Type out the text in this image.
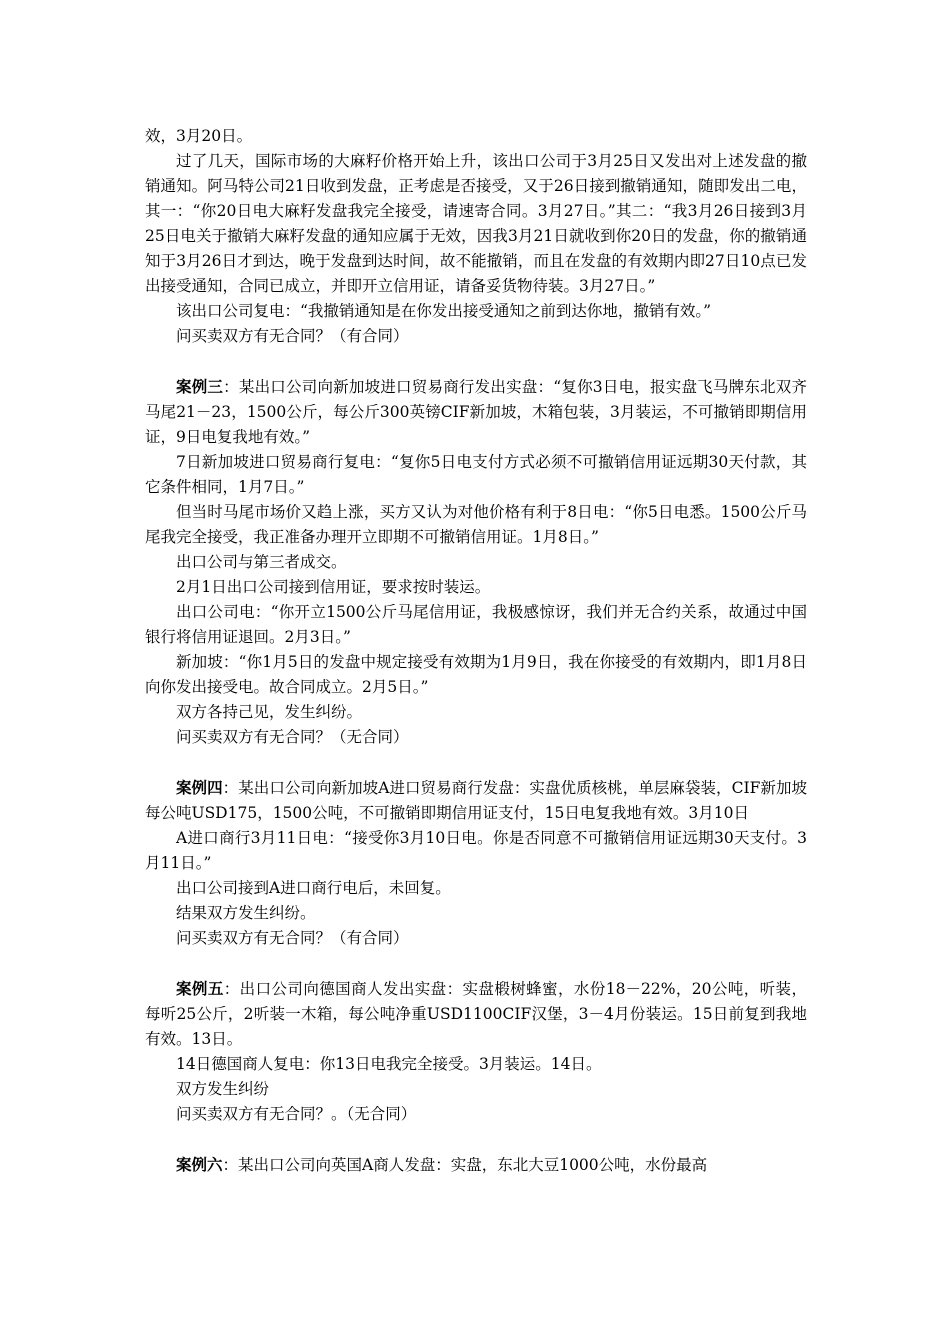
效，3月20日。

过了几天，国际市场的大麻籽价格开始上升，该出口公司于3月25日又发出对上述发盘的撤销通知。阿马特公司21日收到发盘，正考虑是否接受，又于26日接到撤销通知，随即发出二电，其一：“你20日电大麻籽发盘我完全接受，请速寄合同。3月27日。”其二：“我3月26日接到3月25日电关于撤销大麻籽发盘的通知应属于无效，因我3月21日就收到你20日的发盘，你的撤销通知于3月26日才到达，晚于发盘到达时间，故不能撤销，而且在发盘的有效期内即27日10点已发出接受通知，合同已成立，并即开立信用证，请备妥货物待装。3月27日。”

该出口公司复电：“我撤销通知是在你发出接受通知之前到达你地，撤销有效。”

问买卖双方有无合同？（有合同）

案例三：某出口公司向新加坡进口贸易商行发出实盘：“复你3日电，报实盘飞马牌东北双齐马尾21－23，1500公斤，每公斤300英镑CIF新加坡，木箱包装，3月装运，不可撤销即期信用证，9日电复我地有效。”

7日新加坡进口贸易商行复电：“复你5日电支付方式必须不可撤销信用证远期30天付款，其它条件相同，1月7日。”

但当时马尾市场价又趋上涨，买方又认为对他价格有利于8日电：“你5日电悉。1500公斤马尾我完全接受，我正准备办理开立即期不可撤销信用证。1月8日。”

出口公司与第三者成交。

2月1日出口公司接到信用证，要求按时装运。

出口公司电：“你开立1500公斤马尾信用证，我极感惊讶，我们并无合约关系，故通过中国银行将信用证退回。2月3日。”

新加坡：“你1月5日的发盘中规定接受有效期为1月9日，我在你接受的有效期内，即1月8日向你发出接受电。故合同成立。2月5日。”

双方各持己见，发生纠纷。

问买卖双方有无合同？（无合同）

案例四：某出口公司向新加坡A进口贸易商行发盘：实盘优质核桃，单层麻袋装，CIF新加坡每公吨USD175，1500公吨，不可撤销即期信用证支付，15日电复我地有效。3月10日

A进口商行3月11日电：“接受你3月10日电。你是否同意不可撤销信用证远期30天支付。3月11日。”

出口公司接到A进口商行电后，未回复。

结果双方发生纠纷。

问买卖双方有无合同？（有合同）

案例五：出口公司向德国商人发出实盘：实盘椴树蜂蜜，水份18－22%，20公吨，听装，每听25公斤，2听装一木箱，每公吨净重USD1100CIF汉堡，3－4月份装运。15日前复到我地有效。13日。

14日德国商人复电：你13日电我完全接受。3月装运。14日。

双方发生纠纷

问买卖双方有无合同？。（无合同）

案例六：某出口公司向英国A商人发盘：实盘，东北大豆1000公吨，水份最高
